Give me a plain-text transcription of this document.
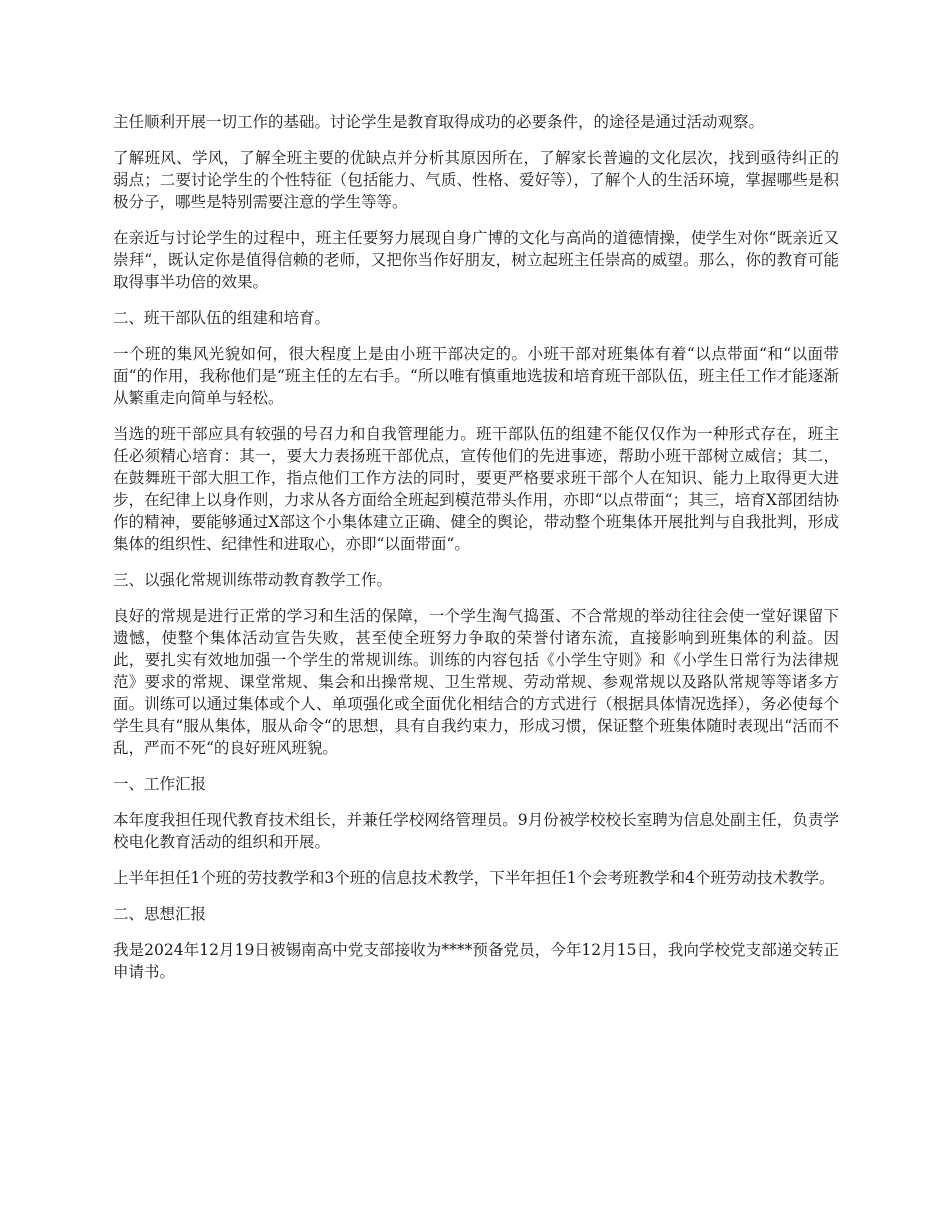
主任顺利开展一切工作的基础。讨论学生是教育取得成功的必要条件，的途径是通过活动观察。

了解班风、学风，了解全班主要的优缺点并分析其原因所在，了解家长普遍的文化层次，找到亟待纠正的弱点；二要讨论学生的个性特征（包括能力、气质、性格、爱好等），了解个人的生活环境，掌握哪些是积极分子，哪些是特别需要注意的学生等等。

在亲近与讨论学生的过程中，班主任要努力展现自身广博的文化与高尚的道德情操，使学生对你“既亲近又崇拜“，既认定你是值得信赖的老师，又把你当作好朋友，树立起班主任崇高的威望。那么，你的教育可能取得事半功倍的效果。

二、班干部队伍的组建和培育。

一个班的集风光貌如何，很大程度上是由小班干部决定的。小班干部对班集体有着“以点带面“和“以面带面“的作用，我称他们是“班主任的左右手。“所以唯有慎重地选拔和培育班干部队伍，班主任工作才能逐渐从繁重走向简单与轻松。

当选的班干部应具有较强的号召力和自我管理能力。班干部队伍的组建不能仅仅作为一种形式存在，班主任必须精心培育：其一，要大力表扬班干部优点，宣传他们的先进事迹，帮助小班干部树立威信；其二，在鼓舞班干部大胆工作，指点他们工作方法的同时，要更严格要求班干部个人在知识、能力上取得更大进步，在纪律上以身作则，力求从各方面给全班起到模范带头作用，亦即“以点带面“；其三，培育X部团结协作的精神，要能够通过X部这个小集体建立正确、健全的舆论，带动整个班集体开展批判与自我批判，形成集体的组织性、纪律性和进取心，亦即“以面带面“。

三、以强化常规训练带动教育教学工作。

良好的常规是进行正常的学习和生活的保障，一个学生淘气捣蛋、不合常规的举动往往会使一堂好课留下遗憾，使整个集体活动宣告失败，甚至使全班努力争取的荣誉付诸东流，直接影响到班集体的利益。因此，要扎实有效地加强一个学生的常规训练。训练的内容包括《小学生守则》和《小学生日常行为法律规范》要求的常规、课堂常规、集会和出操常规、卫生常规、劳动常规、参观常规以及路队常规等等诸多方面。训练可以通过集体或个人、单项强化或全面优化相结合的方式进行（根据具体情况选择），务必使每个学生具有“服从集体，服从命令“的思想，具有自我约束力，形成习惯，保证整个班集体随时表现出“活而不乱，严而不死“的良好班风班貌。

一、工作汇报

本年度我担任现代教育技术组长，并兼任学校网络管理员。9月份被学校校长室聘为信息处副主任，负责学校电化教育活动的组织和开展。

上半年担任1个班的劳技教学和3个班的信息技术教学，下半年担任1个会考班教学和4个班劳动技术教学。

二、思想汇报

我是2024年12月19日被锡南高中党支部接收为****预备党员，今年12月15日，我向学校党支部递交转正申请书。
